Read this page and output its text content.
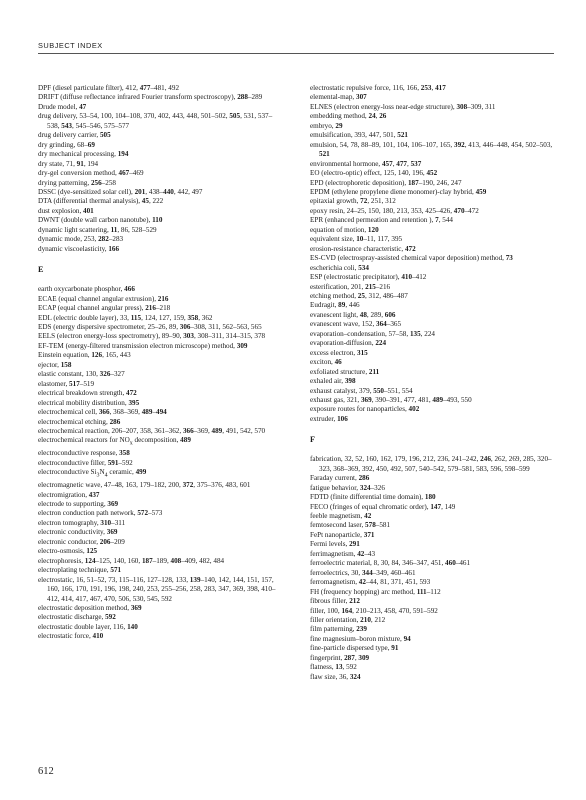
SUBJECT INDEX
DPF (diesel particulate filter), 412, 477–481, 492
DRIFT (diffuse reflectance infrared Fourier transform spectroscopy), 288–289
Drude model, 47
drug delivery, 53–54, 100, 104–108, 370, 402, 443, 448, 501–502, 505, 531, 537–538, 543, 545–546, 575–577
drug delivery carrier, 505
dry grinding, 68–69
dry mechanical processing, 194
dry state, 71, 91, 194
dry-gel conversion method, 467–469
drying patterning, 256–258
DSSC (dye-sensitized solar cell), 201, 438–440, 442, 497
DTA (differential thermal analysis), 45, 222
dust explosion, 401
DWNT (double wall carbon nanotube), 110
dynamic light scattering, 11, 86, 528–529
dynamic mode, 253, 282–283
dynamic viscoelasticity, 166
E
earth oxycarbonate phosphor, 466
ECAE (equal channel angular extrusion), 216
ECAP (equal channel angular press), 216–218
EDL (electric double layer), 33, 115, 124, 127, 159, 358, 362
EDS (energy dispersive spectrometer, 25–26, 89, 306–308, 311, 562–563, 565
EELS (electron energy-loss spectrometry), 89–90, 303, 308–311, 314–315, 378
EF-TEM (energy-filtered transmission electron microscope) method, 309
Einstein equation, 126, 165, 443
ejector, 158
elastic constant, 130, 326–327
elastomer, 517–519
electrical breakdown strength, 472
electrical mobility distribution, 395
electrochemical cell, 366, 368–369, 489–494
electrochemical etching, 286
electrochemical reaction, 206–207, 358, 361–362, 366–369, 489, 491, 542, 570
electrochemical reactors for $NO_x$ decomposition, 489
electroconductive response, 358
electroconductive filler, 591–592
electroconductive $Si_3N_4$ ceramic, 499
electromagnetic wave, 47–48, 163, 179–182, 200, 372, 375–376, 483, 601
electromigration, 437
electrode to supporting, 369
electron conduction path network, 572–573
electron tomography, 310–311
electronic conductivity, 369
electronic conductor, 206–209
electro-osmosis, 125
electrophoresis, 124–125, 140, 160, 187–189, 408–409, 482, 484
electroplating technique, 571
electrostatic, 16, 51–52, 73, 115–116, 127–128, 133, 139–140, 142, 144, 151, 157, 160, 166, 170, 191, 196, 198, 240, 253, 255–256, 258, 283, 347, 369, 398, 410–412, 414, 417, 467, 470, 506, 530, 545, 592
electrostatic deposition method, 369
electrostatic discharge, 592
electrostatic double layer, 116, 140
electrostatic force, 410
electrostatic repulsive force, 116, 166, 253, 417
elemental-map, 307
ELNES (electron energy-loss near-edge structure), 308–309, 311
embedding method, 24, 26
embryo, 29
emulsification, 393, 447, 501, 521
emulsion, 54, 78, 88–89, 101, 104, 106–107, 165, 392, 413, 446–448, 454, 502–503, 521
environmental hormone, 457, 477, 537
EO (electro-optic) effect, 125, 140, 196, 452
EPD (electrophoretic deposition), 187–190, 246, 247
EPDM (ethylene propylene diene monomer)-clay hybrid, 459
epitaxial growth, 72, 251, 312
epoxy resin, 24–25, 150, 180, 213, 353, 425–426, 470–472
EPR (enhanced permeation and retention ), 7, 544
equation of motion, 120
equivalent size, 10–11, 117, 395
erosion-resistance characteristic, 472
ES-CVD (electrospray-assisted chemical vapor deposition) method, 73
escherichia coli, 534
ESP (electrostatic precipitator), 410–412
esterification, 201, 215–216
etching method, 25, 312, 486–487
Eudragit, 89, 446
evanescent light, 48, 289, 606
evanescent wave, 152, 364–365
evaporation–condensation, 57–58, 135, 224
evaporation-diffusion, 224
excess electron, 315
exciton, 46
exfoliated structure, 211
exhaled air, 398
exhaust catalyst, 379, 550–551, 554
exhaust gas, 321, 369, 390–391, 477, 481, 489–493, 550
exposure routes for nanoparticles, 402
extruder, 106
F
fabrication, 32, 52, 160, 162, 179, 196, 212, 236, 241–242, 246, 262, 269, 285, 320–323, 368–369, 392, 450, 492, 507, 540–542, 579–581, 583, 596, 598–599
Faraday current, 286
fatigue behavior, 324–326
FDTD (finite differential time domain), 180
FECO (fringes of equal chromatic order), 147, 149
feeble magnetism, 42
femtosecond laser, 578–581
FePt nanoparticle, 371
Fermi levels, 291
ferrimagnetism, 42–43
ferroelectric material, 8, 30, 84, 346–347, 451, 460–461
ferroelectrics, 30, 344–349, 460–461
ferromagnetism, 42–44, 81, 371, 451, 593
FH (frequency hopping) arc method, 111–112
fibrous filler, 212
filler, 100, 164, 210–213, 458, 470, 591–592
filler orientation, 210, 212
film patterning, 239
fine magnesium–boron mixture, 94
fine-particle dispersed type, 91
fingerprint, 287, 309
flatness, 13, 592
flaw size, 36, 324
612
